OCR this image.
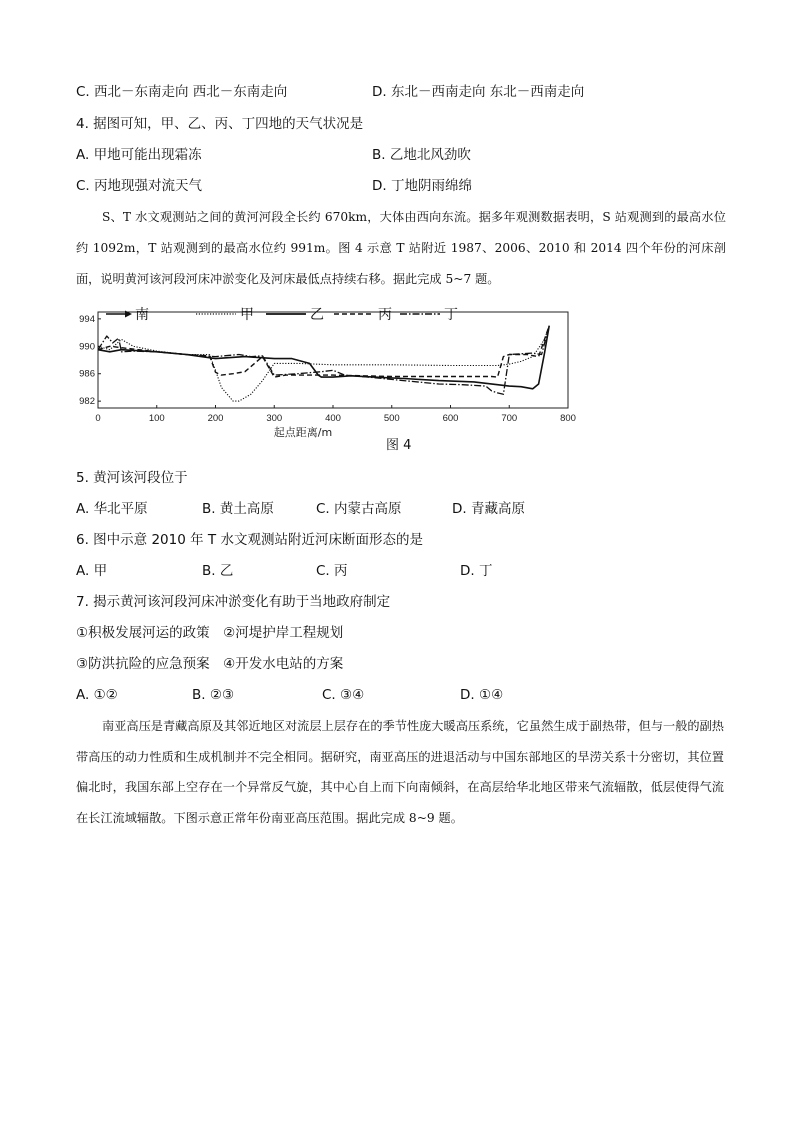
C. 西北－东南走向 西北－东南走向	D. 东北－西南走向 东北－西南走向
4. 据图可知，甲、乙、丙、丁四地的天气状况是
A. 甲地可能出现霜冻	B. 乙地北风劲吹
C. 丙地现强对流天气	D. 丁地阴雨绵绵
S、T 水文观测站之间的黄河河段全长约 670km，大体由西向东流。据多年观测数据表明，S 站观测到的最高水位约 1092m，T 站观测到的最高水位约 991m。图 4 示意 T 站附近 1987、2006、2010 和 2014 四个年份的河床剖面，说明黄河该河段河床冲淤变化及河床最低点持续右移。据此完成 5~7 题。
0	100	200	300	400	500	600	700	800
982
986
990
994
起点距离/m
南	甲	乙	丙	丁
图 4
5. 黄河该河段位于
A. 华北平原	B. 黄土高原	C. 内蒙古高原	D. 青藏高原
6. 图中示意 2010 年 T 水文观测站附近河床断面形态的是
A. 甲	B. 乙	C. 丙	D. 丁
7. 揭示黄河该河段河床冲淤变化有助于当地政府制定
①积极发展河运的政策　②河堤护岸工程规划
③防洪抗险的应急预案　④开发水电站的方案
A. ①②	B. ②③	C. ③④	D. ①④
南亚高压是青藏高原及其邻近地区对流层上层存在的季节性庞大暖高压系统，它虽然生成于副热带，但与一般的副热带高压的动力性质和生成机制并不完全相同。据研究，南亚高压的进退活动与中国东部地区的旱涝关系十分密切，其位置偏北时，我国东部上空存在一个异常反气旋，其中心自上而下向南倾斜，在高层给华北地区带来气流辐散，低层使得气流在长江流域辐散。下图示意正常年份南亚高压范围。据此完成 8~9 题。
